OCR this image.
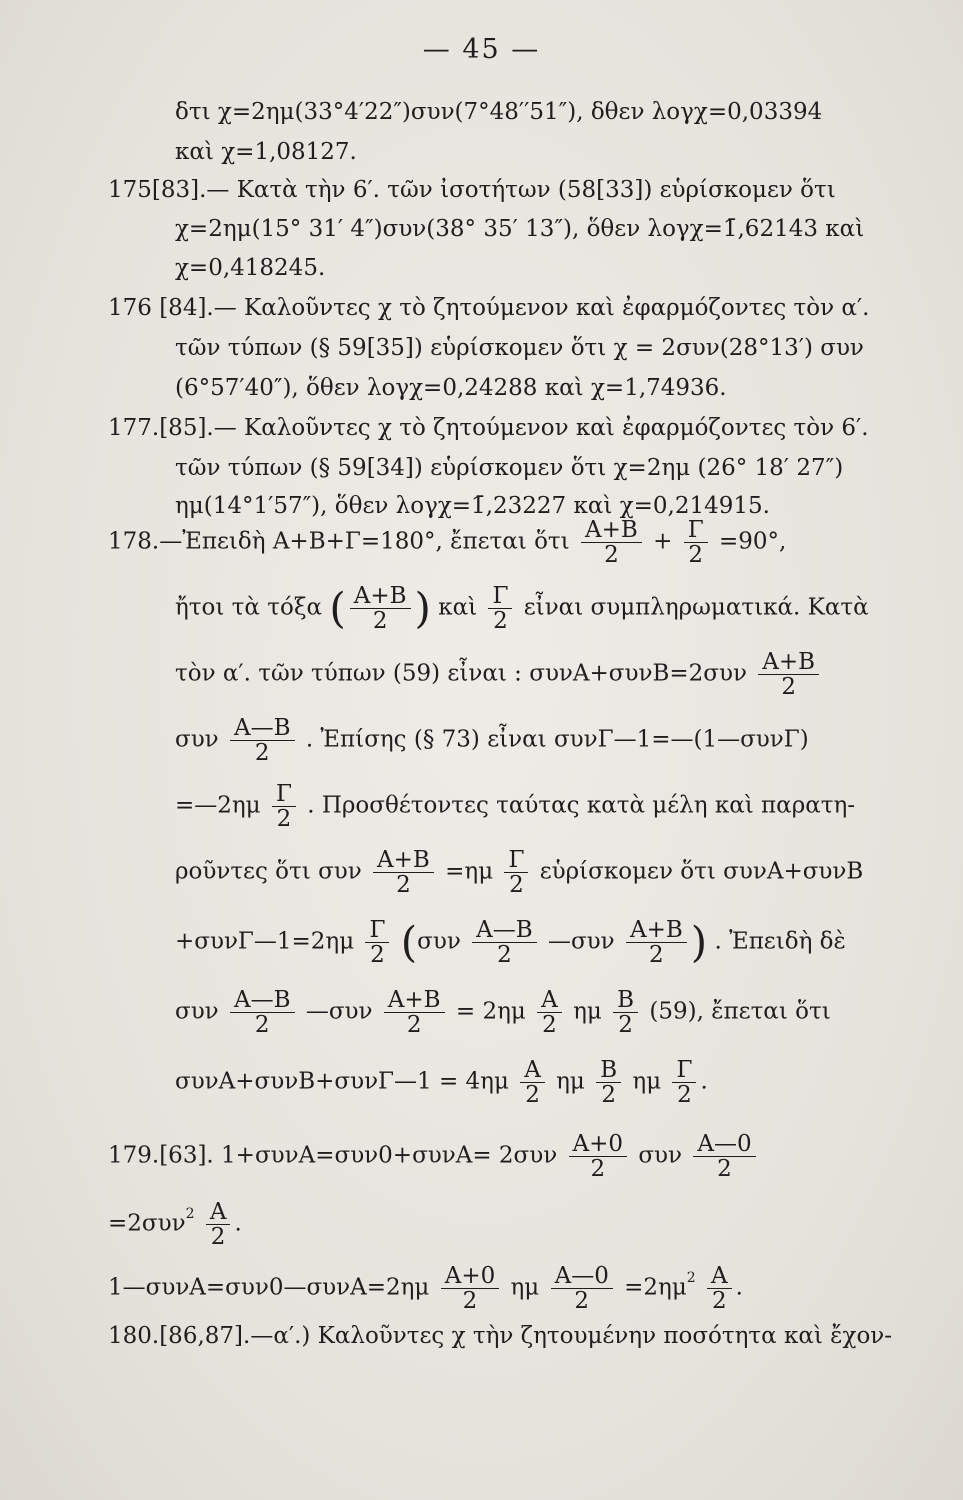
— 45 —
δτι χ=2ημ(33°4′22″)συν(7°48′′51″), δθεν λογχ=0,03394
καὶ χ=1,08127.
175[83].— Κατὰ τὴν 6′. τῶν ἰσοτήτων (58[33]) εὑρίσκομεν ὅτι
χ=2ημ(15° 31′ 4″)συν(38° 35′ 13″), ὅθεν λογχ=1̄,62143 καὶ
χ=0,418245.
176 [84].— Καλοῦντες χ τὸ ζητούμενον καὶ ἐφαρμόζοντες τὸν α′.
τῶν τύπων (§ 59[35]) εὑρίσκομεν ὅτι χ = 2συν(28°13′) συν
(6°57′40″), ὅθεν λογχ=0,24288 καὶ χ=1,74936.
177.[85].— Καλοῦντες χ τὸ ζητούμενον καὶ ἐφαρμόζοντες τὸν 6′.
τῶν τύπων (§ 59[34]) εὑρίσκομεν ὅτι χ=2ημ (26° 18′ 27″)
ημ(14°1′57″), ὅθεν λογχ=1̄,23227 καὶ χ=0,214915.
178.—Ἐπειδὴ Α+Β+Γ=180°, ἔπεται ὅτι $\frac{A+B}{2} + \frac{\Gamma}{2} =90^\circ$,
ἤτοι τὰ τόξα ( $\frac{A+B}{2}$ ) καὶ $\frac{\Gamma}{2}$ εἶναι συμπληρωματικά. Κατὰ
τὸν α′. τῶν τύπων (59) εἶναι : $\sigma\upsilon\nu A+\sigma\upsilon\nu B=2\sigma\upsilon\nu \frac{A+B}{2}$
συν $\frac{A—B}{2}$ . Ἐπίσης (§ 73) εἶναι συνΓ—1=—(1—συνΓ)
=—2ημ $\frac{\Gamma}{2}$ . Προσθέτοντες ταύτας κατὰ μέλη καὶ παρατη-
ροῦντες ὅτι συν $\frac{A+B}{2} =\eta\mu \frac{\Gamma}{2}$ εὑρίσκομεν ὅτι συνΑ+συνΒ
+συνΓ—1=2ημ $\frac{\Gamma}{2} (\sigma\upsilon\nu \frac{A—B}{2}$ —συν $\frac{A+B}{2}$ ) . Ἐπειδὴ δὲ
συν $\frac{A—B}{2}$ —συν $\frac{A+B}{2} = 2\eta\mu \frac{A}{2}$ ημ $\frac{B}{2} (59)$, ἔπεται ὅτι
συνΑ+συνΒ+συνΓ—1 = $4\eta\mu \frac{A}{2}$ ημ $\frac{B}{2}$ ημ $\frac{\Gamma}{2}$ .
179.[63]. $1+\sigma\upsilon\nu A=\sigma\upsilon\nu 0+\sigma\upsilon\nu A= 2\sigma\upsilon\nu \frac{A+0}{2}$ συν $\frac{A—0}{2}$
$=2\sigma\upsilon\nu^2 \frac{A}{2}$ .
1—συνΑ=συν0—συνΑ=2ημ $\frac{A+0}{2}$ ημ $\frac{A—0}{2} =2\eta\mu^2 \frac{A}{2}$ .
180.[86,87].—α′.) Καλοῦντες χ τὴν ζητουμένην ποσότητα καὶ ἔχον-
